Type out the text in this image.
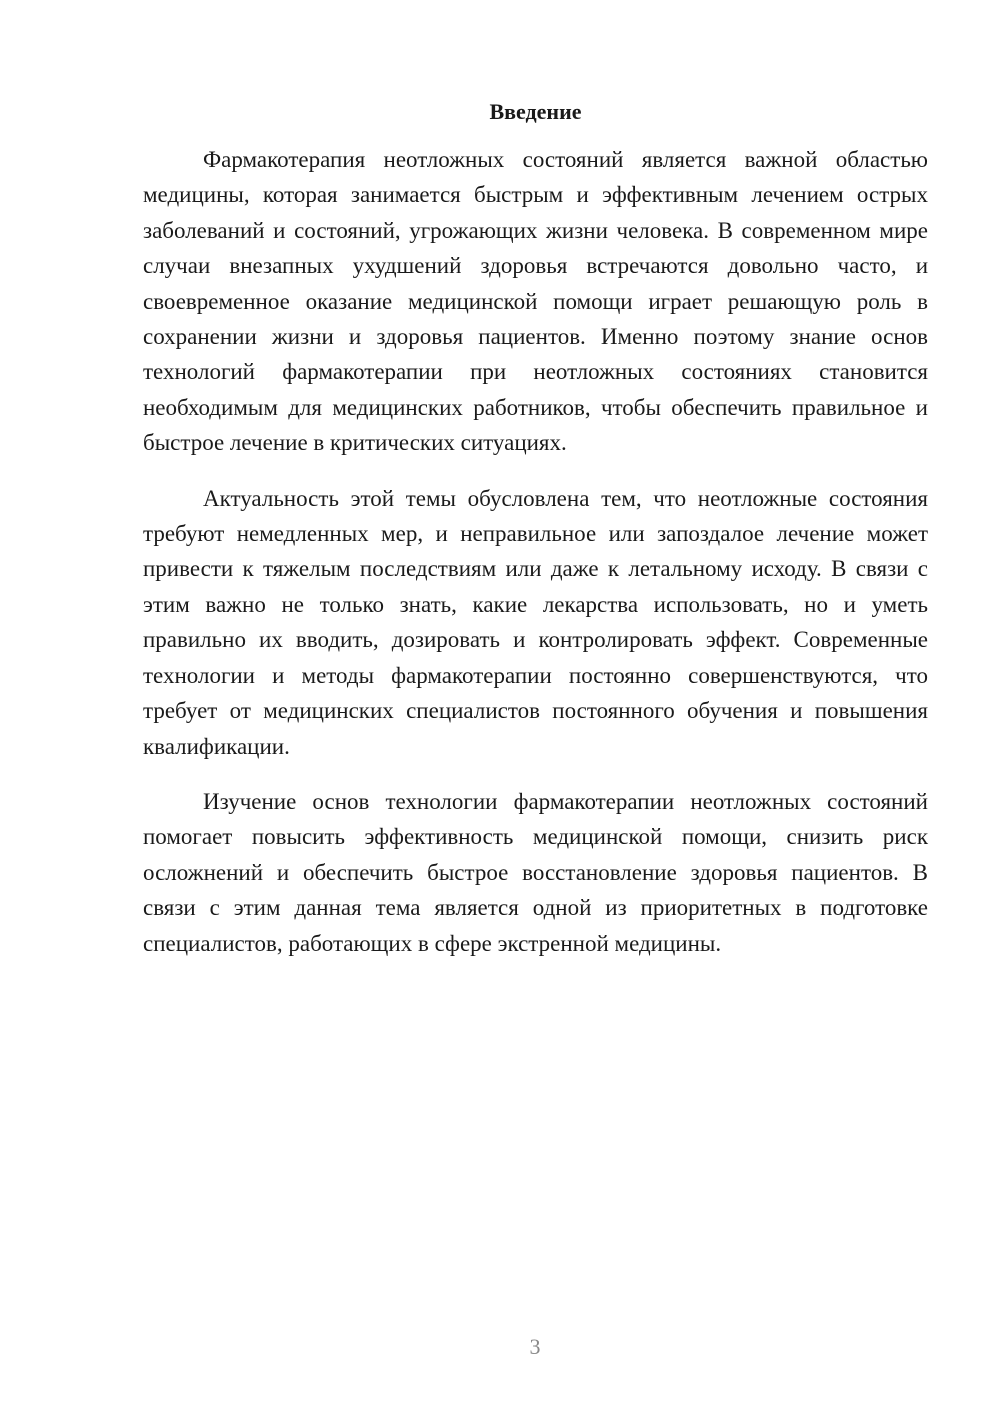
Введение

Фармакотерапия неотложных состояний является важной областью медицины, которая занимается быстрым и эффективным лечением острых заболеваний и состояний, угрожающих жизни человека. В современном мире случаи внезапных ухудшений здоровья встречаются довольно часто, и своевременное оказание медицинской помощи играет решающую роль в сохранении жизни и здоровья пациентов. Именно поэтому знание основ технологий фармакотерапии при неотложных состояниях становится необходимым для медицинских работников, чтобы обеспечить правильное и быстрое лечение в критических ситуациях.

Актуальность этой темы обусловлена тем, что неотложные состояния требуют немедленных мер, и неправильное или запоздалое лечение может привести к тяжелым последствиям или даже к летальному исходу. В связи с этим важно не только знать, какие лекарства использовать, но и уметь правильно их вводить, дозировать и контролировать эффект. Современные технологии и методы фармакотерапии постоянно совершенствуются, что требует от медицинских специалистов постоянного обучения и повышения квалификации.

Изучение основ технологии фармакотерапии неотложных состояний помогает повысить эффективность медицинской помощи, снизить риск осложнений и обеспечить быстрое восстановление здоровья пациентов. В связи с этим данная тема является одной из приоритетных в подготовке специалистов, работающих в сфере экстренной медицины.

3
